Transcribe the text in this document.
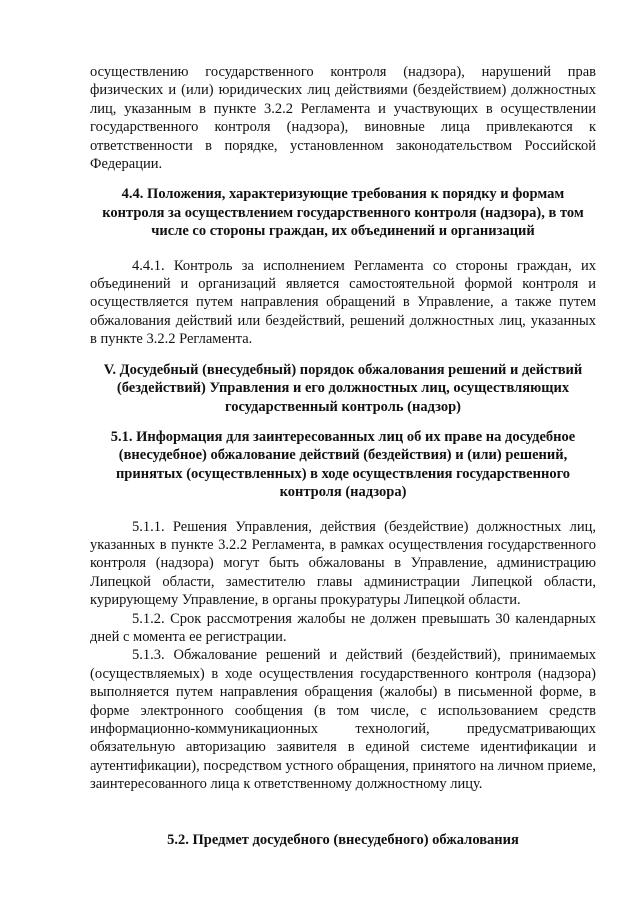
осуществлению государственного контроля (надзора), нарушений прав физических и (или) юридических лиц действиями (бездействием) должностных лиц, указанным в пункте 3.2.2 Регламента и участвующих в осуществлении государственного контроля (надзора), виновные лица привлекаются к ответственности в порядке, установленном законодательством Российской Федерации.

4.4. Положения, характеризующие требования к порядку и формам контроля за осуществлением государственного контроля (надзора), в том числе со стороны граждан, их объединений и организаций

4.4.1. Контроль за исполнением Регламента со стороны граждан, их объединений и организаций является самостоятельной формой контроля и осуществляется путем направления обращений в Управление, а также путем обжалования действий или бездействий, решений должностных лиц, указанных в пункте 3.2.2 Регламента.

V. Досудебный (внесудебный) порядок обжалования решений и действий (бездействий) Управления и его должностных лиц, осуществляющих государственный контроль (надзор)
5.1. Информация для заинтересованных лиц об их праве на досудебное (внесудебное) обжалование действий (бездействия) и (или) решений, принятых (осуществленных) в ходе осуществления государственного контроля (надзора)

5.1.1. Решения Управления, действия (бездействие) должностных лиц, указанных в пункте 3.2.2 Регламента, в рамках осуществления государственного контроля (надзора) могут быть обжалованы в Управление, администрацию Липецкой области, заместителю главы администрации Липецкой области, курирующему Управление, в органы прокуратуры Липецкой области.

5.1.2. Срок рассмотрения жалобы не должен превышать 30 календарных дней с момента ее регистрации.

5.1.3. Обжалование решений и действий (бездействий), принимаемых (осуществляемых) в ходе осуществления государственного контроля (надзора) выполняется путем направления обращения (жалобы) в письменной форме, в форме электронного сообщения (в том числе, с использованием средств информационно-коммуникационных технологий, предусматривающих обязательную авторизацию заявителя в единой системе идентификации и аутентификации), посредством устного обращения, принятого на личном приеме, заинтересованного лица к ответственному должностному лицу.

5.2. Предмет досудебного (внесудебного) обжалования
